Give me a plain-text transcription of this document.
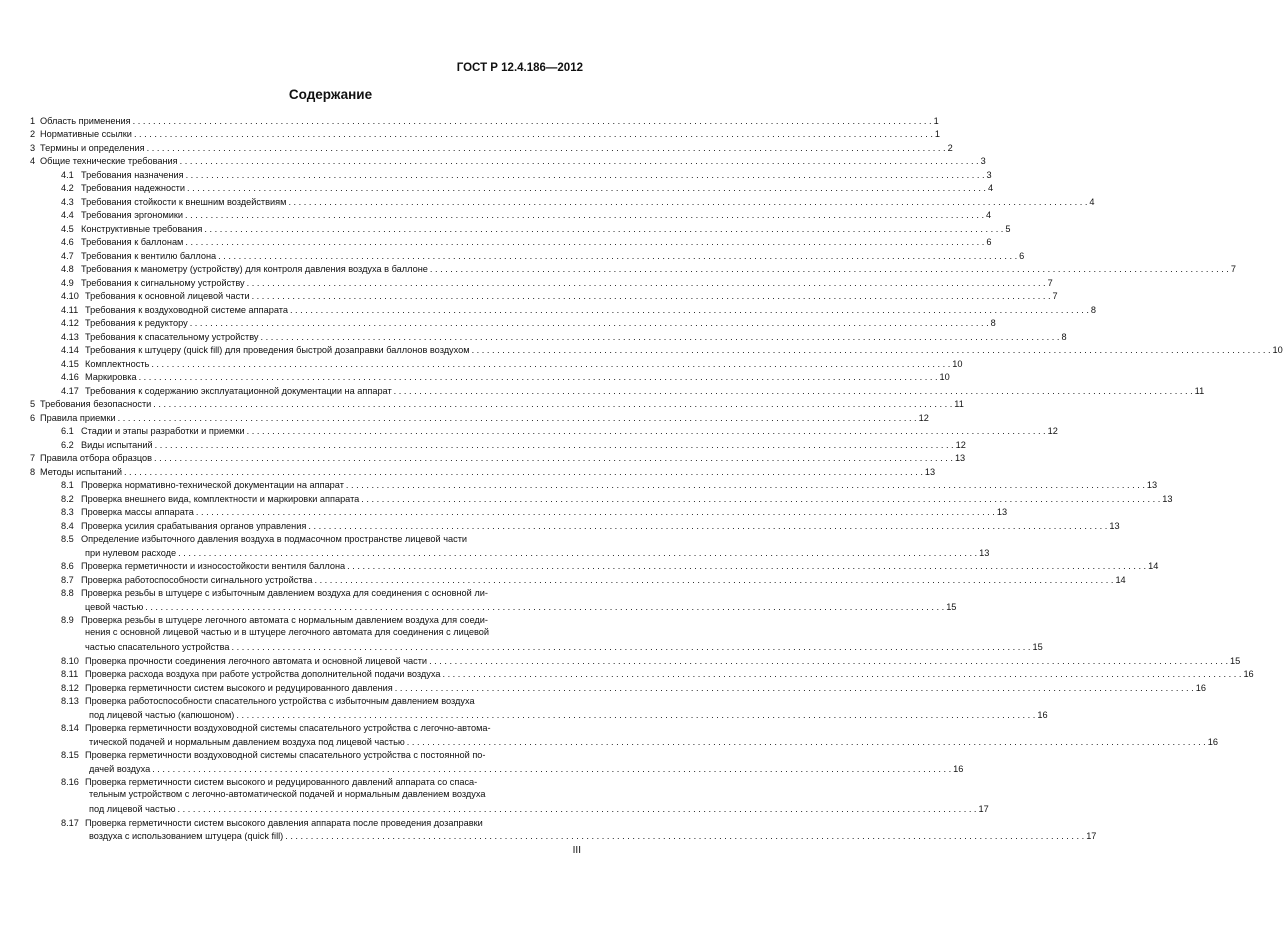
ГОСТ Р 12.4.186—2012
Содержание
1 Область применения . . .	1
2 Нормативные ссылки . . .	1
3 Термины и определения . . .	2
4 Общие технические требования . . .	3
4.1 Требования назначения . . .	3
4.2 Требования надежности . . .	4
4.3 Требования стойкости к внешним воздействиям . . .	4
4.4 Требования эргономики . . .	4
4.5 Конструктивные требования . . .	5
4.6 Требования к баллонам . . .	6
4.7 Требования к вентилю баллона . . .	6
4.8 Требования к манометру (устройству) для контроля давления воздуха в баллоне . . .	7
4.9 Требования к сигнальному устройству . . .	7
4.10 Требования к основной лицевой части . . .	7
4.11 Требования к воздуховодной системе аппарата . . .	8
4.12 Требования к редуктору . . .	8
4.13 Требования к спасательному устройству . . .	8
4.14 Требования к штуцеру (quick fill) для проведения быстрой дозаправки баллонов воздухом . . .	10
4.15 Комплектность . . .	10
4.16 Маркировка . . .	10
4.17 Требования к содержанию эксплуатационной документации на аппарат . . .	11
5 Требования безопасности . . .	11
6 Правила приемки . . .	12
6.1 Стадии и этапы разработки и приемки . . .	12
6.2 Виды испытаний . . .	12
7 Правила отбора образцов . . .	13
8 Методы испытаний . . .	13
8.1 Проверка нормативно-технической документации на аппарат . . .	13
8.2 Проверка внешнего вида, комплектности и маркировки аппарата . . .	13
8.3 Проверка массы аппарата . . .	13
8.4 Проверка усилия срабатывания органов управления . . .	13
8.5 Определение избыточного давления воздуха в подмасочном пространстве лицевой части
при нулевом расходе . . .	13
8.6 Проверка герметичности и износостойкости вентиля баллона . . .	14
8.7 Проверка работоспособности сигнального устройства . . .	14
8.8 Проверка резьбы в штуцере с избыточным давлением воздуха для соединения с основной ли-
цевой частью . . .	15
8.9 Проверка резьбы в штуцере легочного автомата с нормальным давлением воздуха для соеди-
нения с основной лицевой частью и в штуцере легочного автомата для соединения с лицевой
частью спасательного устройства . . .	15
8.10 Проверка прочности соединения легочного автомата и основной лицевой части . . .	15
8.11 Проверка расхода воздуха при работе устройства дополнительной подачи воздуха . . .	16
8.12 Проверка герметичности систем высокого и редуцированного давления . . .	16
8.13 Проверка работоспособности спасательного устройства с избыточным давлением воздуха
под лицевой частью (капюшоном) . . .	16
8.14 Проверка герметичности воздуховодной системы спасательного устройства с легочно-автома-
тической подачей и нормальным давлением воздуха под лицевой частью . . .	16
8.15 Проверка герметичности воздуховодной системы спасательного устройства с постоянной по-
дачей воздуха . . .	16
8.16 Проверка герметичности систем высокого и редуцированного давлений аппарата со спаса-
тельным устройством с легочно-автоматической подачей и нормальным давлением воздуха
под лицевой частью . . .	17
8.17 Проверка герметичности систем высокого давления аппарата после проведения дозаправки
воздуха с использованием штуцера (quick fill) . . .	17
III
